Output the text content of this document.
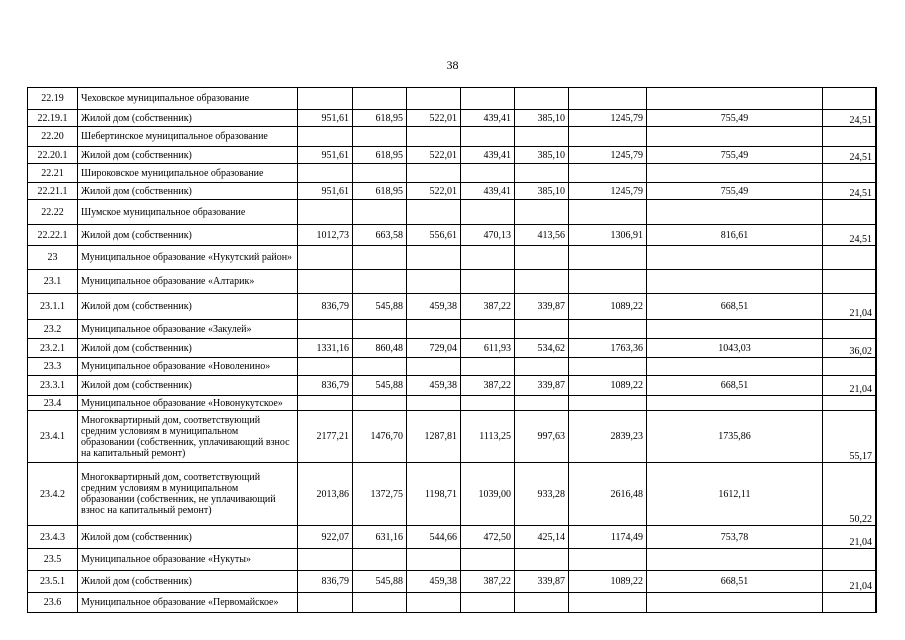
38
22.19	Чеховское муниципальное образование									
22.19.1	Жилой дом (собственник)	951,61	618,95	522,01	439,41	385,10	1245,79	755,49	24,51	
22.20	Шебертинское муниципальное образование									
22.20.1	Жилой дом (собственник)	951,61	618,95	522,01	439,41	385,10	1245,79	755,49	24,51	
22.21	Широковское муниципальное образование									
22.21.1	Жилой дом (собственник)	951,61	618,95	522,01	439,41	385,10	1245,79	755,49	24,51	
22.22	Шумское муниципальное образование									
22.22.1	Жилой дом (собственник)	1012,73	663,58	556,61	470,13	413,56	1306,91	816,61	24,51	
23	Муниципальное образование «Нукутский район»									
23.1	Муниципальное образование «Алтарик»									
23.1.1	Жилой дом (собственник)	836,79	545,88	459,38	387,22	339,87	1089,22	668,51	21,04	
23.2	Муниципальное образование «Закулей»									
23.2.1	Жилой дом (собственник)	1331,16	860,48	729,04	611,93	534,62	1763,36	1043,03	36,02	
23.3	Муниципальное образование «Новоленино»									
23.3.1	Жилой дом (собственник)	836,79	545,88	459,38	387,22	339,87	1089,22	668,51	21,04	
23.4	Муниципальное образование «Новонукутское»									
23.4.1	Многоквартирный дом, соответствующий средним условиям в муниципальном образовании (собственник, уплачивающий взнос на капитальный ремонт)	2177,21	1476,70	1287,81	1113,25	997,63	2839,23	1735,86	55,17	
23.4.2	Многоквартирный дом, соответствующий средним условиям в муниципальном образовании (собственник, не уплачивающий взнос на капитальный ремонт)	2013,86	1372,75	1198,71	1039,00	933,28	2616,48	1612,11	50,22	
23.4.3	Жилой дом (собственник)	922,07	631,16	544,66	472,50	425,14	1174,49	753,78	21,04	
23.5	Муниципальное образование «Нукуты»									
23.5.1	Жилой дом (собственник)	836,79	545,88	459,38	387,22	339,87	1089,22	668,51	21,04	
23.6	Муниципальное образование «Первомайское»									
